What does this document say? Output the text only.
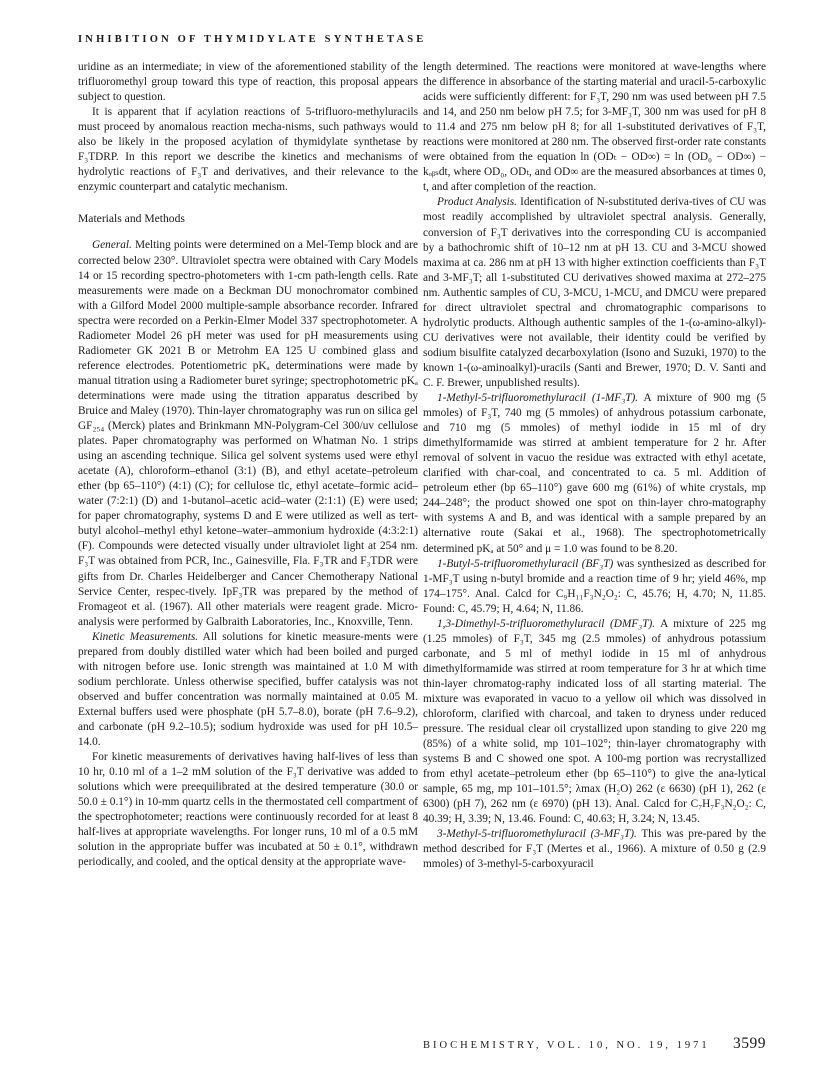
INHIBITION OF THYMIDYLATE SYNTHETASE

uridine as an intermediate; in view of the aforementioned stability of the trifluoromethyl group toward this type of reaction, this proposal appears subject to question.

It is apparent that if acylation reactions of 5-trifluoro-methyluracils must proceed by anomalous reaction mecha-nisms, such pathways would also be likely in the proposed acylation of thymidylate synthetase by F₃TDRP. In this report we describe the kinetics and mechanisms of hydrolytic reactions of F₃T and derivatives, and their relevance to the enzymic counterpart and catalytic mechanism.

Materials and Methods

General. Melting points were determined on a Mel-Temp block and are corrected below 230°. Ultraviolet spectra were obtained with Cary Models 14 or 15 recording spectro-photometers with 1-cm path-length cells. Rate measurements were made on a Beckman DU monochromator combined with a Gilford Model 2000 multiple-sample absorbance recorder. Infrared spectra were recorded on a Perkin-Elmer Model 337 spectrophotometer. A Radiometer Model 26 pH meter was used for pH measurements using Radiometer GK 2021 B or Metrohm EA 125 U combined glass and reference electrodes. Potentiometric pKₐ determinations were made by manual titration using a Radiometer buret syringe; spectrophotometric pKₐ determinations were made using the titration apparatus described by Bruice and Maley (1970). Thin-layer chromatography was run on silica gel GF₂₅₄ (Merck) plates and Brinkmann MN-Polygram-Cel 300/uv cellulose plates. Paper chromatography was performed on Whatman No. 1 strips using an ascending technique. Silica gel solvent systems used were ethyl acetate (A), chloroform–ethanol (3:1) (B), and ethyl acetate–petroleum ether (bp 65–110°) (4:1) (C); for cellulose tlc, ethyl acetate–formic acid–water (7:2:1) (D) and 1-butanol–acetic acid–water (2:1:1) (E) were used; for paper chromatography, systems D and E were utilized as well as tert-butyl alcohol–methyl ethyl ketone–water–ammonium hydroxide (4:3:2:1) (F). Compounds were detected visually under ultraviolet light at 254 nm. F₃T was obtained from PCR, Inc., Gainesville, Fla. F₃TR and F₃TDR were gifts from Dr. Charles Heidelberger and Cancer Chemotherapy National Service Center, respec-tively. IpF₃TR was prepared by the method of Fromageot et al. (1967). All other materials were reagent grade. Micro-analysis were performed by Galbraith Laboratories, Inc., Knoxville, Tenn.

Kinetic Measurements. All solutions for kinetic measure-ments were prepared from doubly distilled water which had been boiled and purged with nitrogen before use. Ionic strength was maintained at 1.0 M with sodium perchlorate. Unless otherwise specified, buffer catalysis was not observed and buffer concentration was normally maintained at 0.05 M. External buffers used were phosphate (pH 5.7–8.0), borate (pH 7.6–9.2), and carbonate (pH 9.2–10.5); sodium hydroxide was used for pH 10.5–14.0.

For kinetic measurements of derivatives having half-lives of less than 10 hr, 0.10 ml of a 1–2 mM solution of the F₃T derivative was added to solutions which were preequilibrated at the desired temperature (30.0 or 50.0 ± 0.1°) in 10-mm quartz cells in the thermostated cell compartment of the spectrophotometer; reactions were continuously recorded for at least 8 half-lives at appropriate wavelengths. For longer runs, 10 ml of a 0.5 mM solution in the appropriate buffer was incubated at 50 ± 0.1°, withdrawn periodically, and cooled, and the optical density at the appropriate wave-

length determined. The reactions were monitored at wave-lengths where the difference in absorbance of the starting material and uracil-5-carboxylic acids were sufficiently different: for F₃T, 290 nm was used between pH 7.5 and 14, and 250 nm below pH 7.5; for 3-MF₃T, 300 nm was used for pH 8 to 11.4 and 275 nm below pH 8; for all 1-substituted derivatives of F₃T, reactions were monitored at 280 nm. The observed first-order rate constants were obtained from the equation ln (ODₜ − OD∞) = ln (OD₀ − OD∞) − kₒᵦₛdt, where OD₀, ODₜ, and OD∞ are the measured absorbances at times 0, t, and after completion of the reaction.

Product Analysis. Identification of N-substituted deriva-tives of CU was most readily accomplished by ultraviolet spectral analysis. Generally, conversion of F₃T derivatives into the corresponding CU is accompanied by a bathochromic shift of 10–12 nm at pH 13. CU and 3-MCU showed maxima at ca. 286 nm at pH 13 with higher extinction coefficients than F₃T and 3-MF₃T; all 1-substituted CU derivatives showed maxima at 272–275 nm. Authentic samples of CU, 3-MCU, 1-MCU, and DMCU were prepared for direct ultraviolet spectral and chromatographic comparisons to hydrolytic products. Although authentic samples of the 1-(ω-amino-alkyl)-CU derivatives were not available, their identity could be verified by sodium bisulfite catalyzed decarboxylation (Isono and Suzuki, 1970) to the known 1-(ω-aminoalkyl)-uracils (Santi and Brewer, 1970; D. V. Santi and C. F. Brewer, unpublished results).

1-Methyl-5-trifluoromethyluracil (1-MF₃T). A mixture of 900 mg (5 mmoles) of F₃T, 740 mg (5 mmoles) of anhydrous potassium carbonate, and 710 mg (5 mmoles) of methyl iodide in 15 ml of dry dimethylformamide was stirred at ambient temperature for 2 hr. After removal of solvent in vacuo the residue was extracted with ethyl acetate, clarified with char-coal, and concentrated to ca. 5 ml. Addition of petroleum ether (bp 65–110°) gave 600 mg (61%) of white crystals, mp 244–248°; the product showed one spot on thin-layer chro-matography with systems A and B, and was identical with a sample prepared by an alternative route (Sakai et al., 1968). The spectrophotometrically determined pKₐ at 50° and μ = 1.0 was found to be 8.20.

1-Butyl-5-trifluoromethyluracil (BF₃T) was synthesized as described for 1-MF₃T using n-butyl bromide and a reaction time of 9 hr; yield 46%, mp 174–175°. Anal. Calcd for C₉H₁₁F₃N₂O₂: C, 45.76; H, 4.70; N, 11.85. Found: C, 45.79; H, 4.64; N, 11.86.

1,3-Dimethyl-5-trifluoromethyluracil (DMF₃T). A mixture of 225 mg (1.25 mmoles) of F₃T, 345 mg (2.5 mmoles) of anhydrous potassium carbonate, and 5 ml of methyl iodide in 15 ml of anhydrous dimethylformamide was stirred at room temperature for 3 hr at which time thin-layer chromatog-raphy indicated loss of all starting material. The mixture was evaporated in vacuo to a yellow oil which was dissolved in chloroform, clarified with charcoal, and taken to dryness under reduced pressure. The residual clear oil crystallized upon standing to give 220 mg (85%) of a white solid, mp 101–102°; thin-layer chromatography with systems B and C showed one spot. A 100-mg portion was recrystallized from ethyl acetate–petroleum ether (bp 65–110°) to give the ana-lytical sample, 65 mg, mp 101–101.5°; λmax (H₂O) 262 (ε 6630) (pH 1), 262 (ε 6300) (pH 7), 262 nm (ε 6970) (pH 13). Anal. Calcd for C₇H₇F₃N₂O₂: C, 40.39; H, 3.39; N, 13.46. Found: C, 40.63; H, 3.24; N, 13.45.

3-Methyl-5-trifluoromethyluracil (3-MF₃T). This was pre-pared by the method described for F₃T (Mertes et al., 1966). A mixture of 0.50 g (2.9 mmoles) of 3-methyl-5-carboxyuracil

BIOCHEMISTRY, VOL. 10, NO. 19, 1971 3599
